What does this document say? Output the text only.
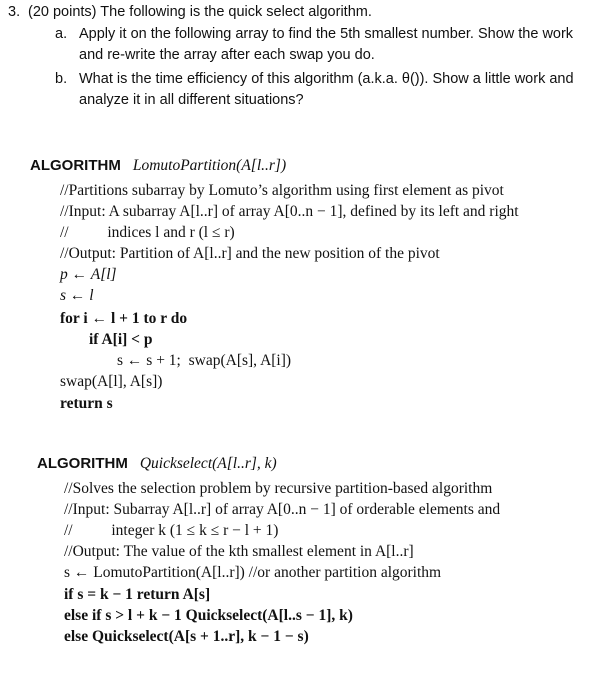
3. (20 points) The following is the quick select algorithm.
a. Apply it on the following array to find the 5th smallest number. Show the work
and re-write the array after each swap you do.
b. What is the time efficiency of this algorithm (a.k.a. θ()). Show a little work and
analyze it in all different situations?
ALGORITHM LomutoPartition(A[l..r])
//Partitions subarray by Lomuto’s algorithm using first element as pivot
//Input: A subarray A[l..r] of array A[0..n − 1], defined by its left and right
//          indices l and r (l ≤ r)
//Output: Partition of A[l..r] and the new position of the pivot
p ← A[l]
s ← l
for i ← l + 1 to r do
if A[i] < p
s ← s + 1;  swap(A[s], A[i])
swap(A[l], A[s])
return s
ALGORITHM Quickselect(A[l..r], k)
//Solves the selection problem by recursive partition-based algorithm
//Input: Subarray A[l..r] of array A[0..n − 1] of orderable elements and
//          integer k (1 ≤ k ≤ r − l + 1)
//Output: The value of the kth smallest element in A[l..r]
s ← LomutoPartition(A[l..r]) //or another partition algorithm
if s = k − 1 return A[s]
else if s > l + k − 1 Quickselect(A[l..s − 1], k)
else Quickselect(A[s + 1..r], k − 1 − s)
